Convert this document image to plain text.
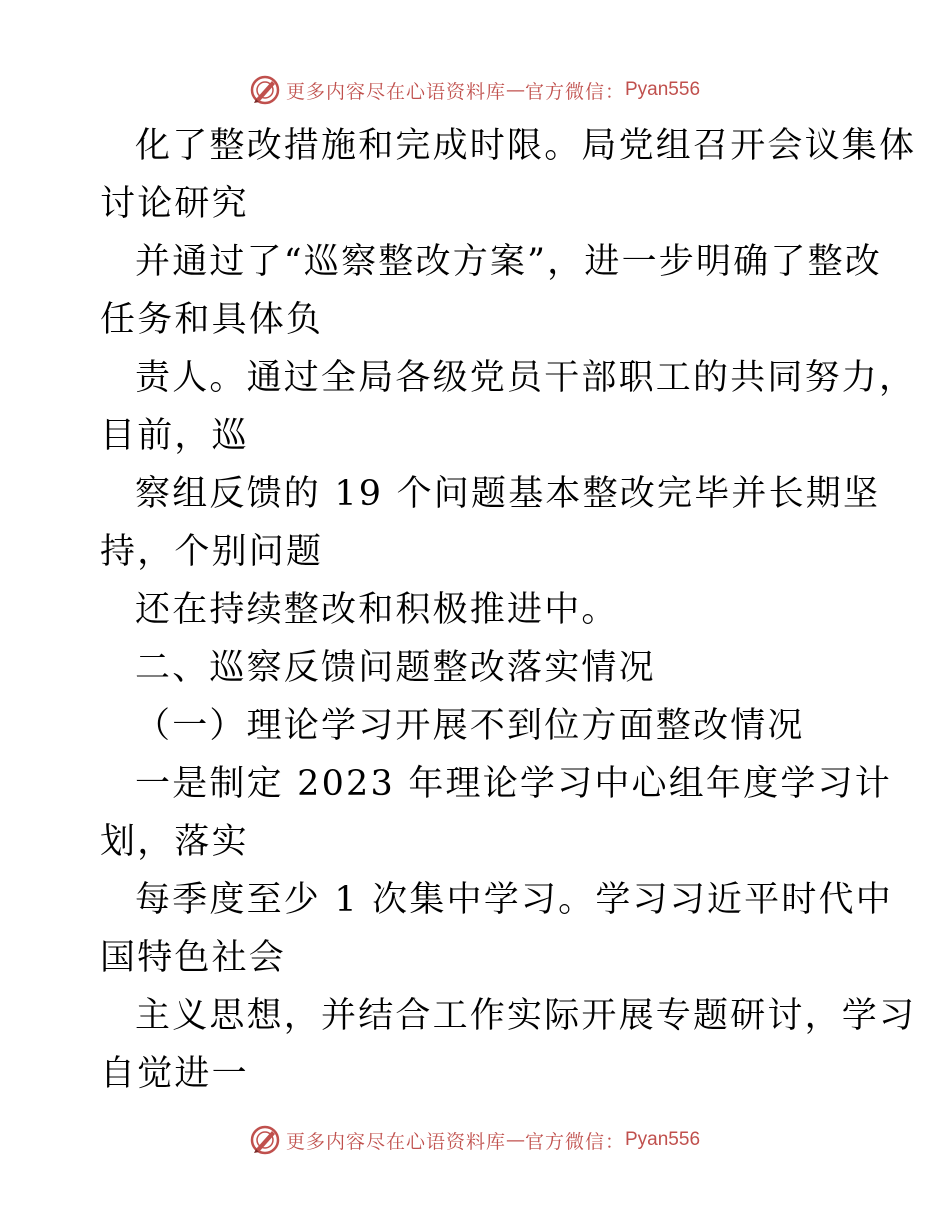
更多内容尽在心语资料库 — 官方微信： Pyan556
化了整改措施和完成时限。局党组召开会议集体
讨论研究
并通过了“巡察整改方案”，进一步明确了整改
任务和具体负
责人。通过全局各级党员干部职工的共同努力，
目前，巡
察组反馈的 19 个问题基本整改完毕并长期坚
持，个别问题
还在持续整改和积极推进中。
二、巡察反馈问题整改落实情况
（一）理论学习开展不到位方面整改情况
一是制定 2023 年理论学习中心组年度学习计
划，落实
每季度至少 1 次集中学习。学习习近平时代中
国特色社会
主义思想，并结合工作实际开展专题研讨，学习
自觉进一
更多内容尽在心语资料库 — 官方微信： Pyan556
